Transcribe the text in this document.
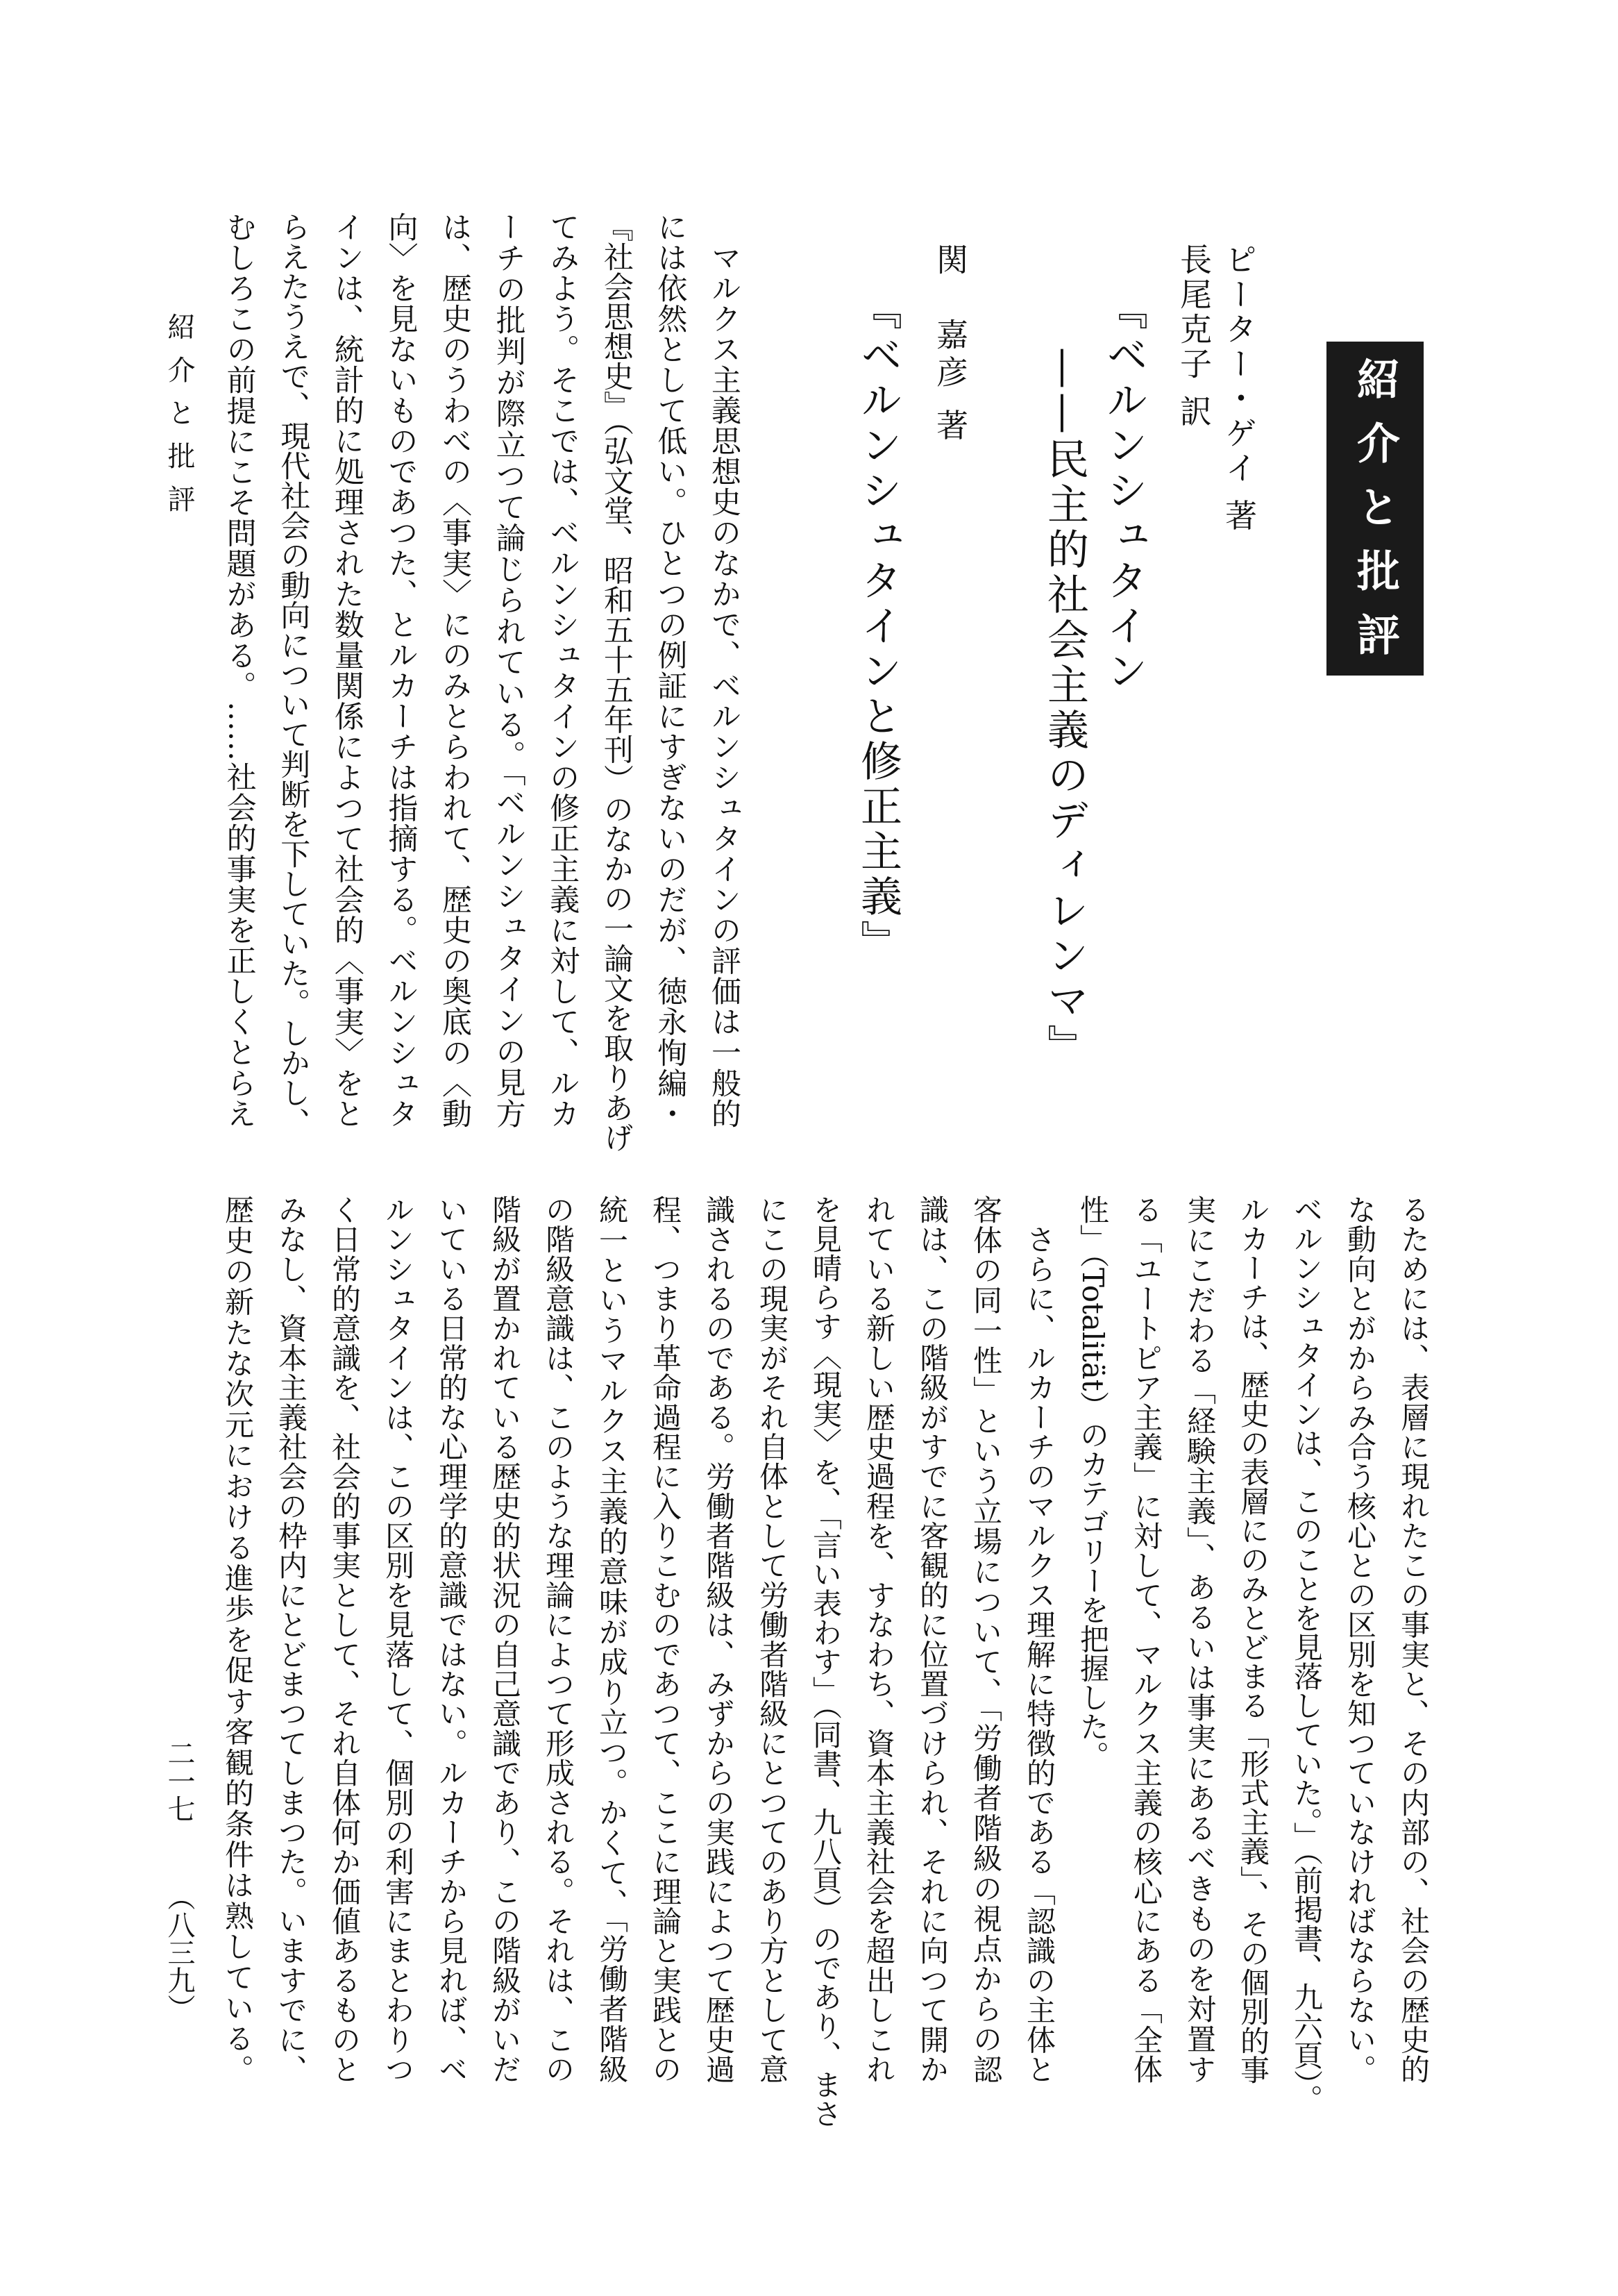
紹介と批評
ピーター・ゲイ 著
長尾克子 訳
『ベルンシュタイン
——民主的社会主義のディレンマ』
関　嘉彦 著
『ベルンシュタインと修正主義』
　マルクス主義思想史のなかで、ベルンシュタインの評価は一般的
には依然として低い。ひとつの例証にすぎないのだが、徳永恂編・
『社会思想史』（弘文堂、昭和五十五年刊）のなかの一論文を取りあげ
てみよう。そこでは、ベルンシュタインの修正主義に対して、ルカ
ーチの批判が際立つて論じられている。「ベルンシュタインの見方
は、歴史のうわべの〈事実〉にのみとらわれて、歴史の奥底の〈動
向〉を見ないものであつた、とルカーチは指摘する。ベルンシュタ
インは、統計的に処理された数量関係によつて社会的〈事実〉をと
らえたうえで、現代社会の動向について判断を下していた。しかし、
むしろこの前提にこそ問題がある。……社会的事実を正しくとらえ
るためには、表層に現れたこの事実と、その内部の、社会の歴史的
な動向とがからみ合う核心との区別を知つていなければならない。
ベルンシュタインは、このことを見落していた。」（前掲書、九六頁）。
ルカーチは、歴史の表層にのみとどまる「形式主義」、その個別的事
実にこだわる「経験主義」、あるいは事実にあるべきものを対置す
る「ユートピア主義」に対して、マルクス主義の核心にある「全体
性」（Totalität）のカテゴリーを把握した。
　さらに、ルカーチのマルクス理解に特徴的である「認識の主体と
客体の同一性」という立場について、「労働者階級の視点からの認
識は、この階級がすでに客観的に位置づけられ、それに向つて開か
れている新しい歴史過程を、すなわち、資本主義社会を超出しこれ
を見晴らす〈現実〉を、「言い表わす」（同書、九八頁）のであり、まさ
にこの現実がそれ自体として労働者階級にとつてのあり方として意
識されるのである。労働者階級は、みずからの実践によつて歴史過
程、つまり革命過程に入りこむのであつて、ここに理論と実践との
統一というマルクス主義的意味が成り立つ。かくて、「労働者階級
の階級意識は、このような理論によつて形成される。それは、この
階級が置かれている歴史的状況の自己意識であり、この階級がいだ
いている日常的な心理学的意識ではない。ルカーチから見れば、ベ
ルンシュタインは、この区別を見落して、個別の利害にまとわりつ
く日常的意識を、社会的事実として、それ自体何か価値あるものと
みなし、資本主義社会の枠内にとどまつてしまつた。いますでに、
歴史の新たな次元における進歩を促す客観的条件は熟している。
紹介と批評
二一七
（八三九）
